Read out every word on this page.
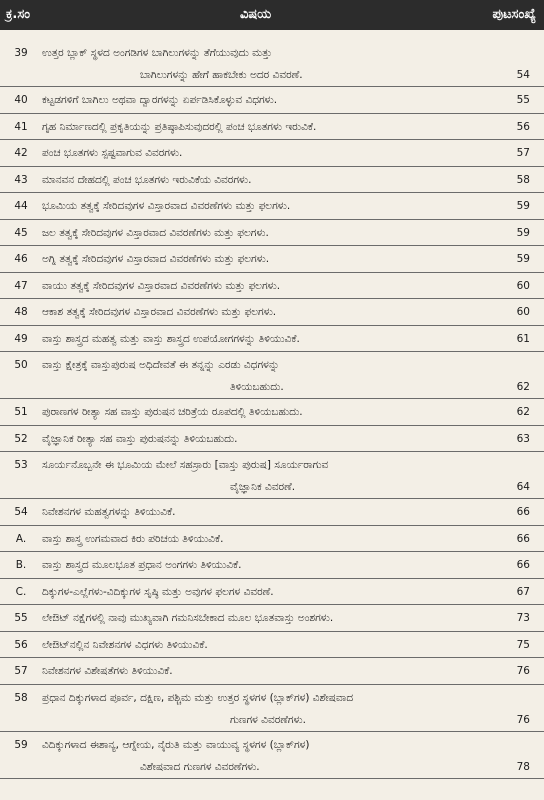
ಕ್ರ.ಸಂ	ವಿಷಯ	ಪುಟಸಂಖ್ಯೆ
39	ಉತ್ತರ ಬ್ಲಾಕ್ ಸ್ಥಳದ ಅಂಗಡಿಗಳ ಬಾಗಿಲುಗಳನ್ನು ತೆಗೆಯುವುದು ಮತ್ತು
ಬಾಗಿಲುಗಳನ್ನು ಹೇಗೆ ಹಾಕಬೇಕು ಅದರ ವಿವರಣೆ.	54
40	ಕಟ್ಟಡಗಳಿಗೆ ಬಾಗಿಲು ಅಥವಾ ದ್ವಾರಗಳನ್ನು ಏರ್ಪಡಿಸಿಕೊಳ್ಳುವ ವಿಧಗಳು.	55
41	ಗೃಹ ನಿರ್ಮಾಣದಲ್ಲಿ ಪ್ರಕೃತಿಯನ್ನು ಪ್ರತಿಷ್ಠಾಪಿಸುವುದರಲ್ಲಿ ಪಂಚ ಭೂತಗಳು ಇರುವಿಕೆ.	56
42	ಪಂಚ ಭೂತಗಳು ಸ್ಪಷ್ಟವಾಗುವ ವಿವರಗಳು.	57
43	ಮಾನವನ ದೇಹದಲ್ಲಿ ಪಂಚ ಭೂತಗಳು ಇರುವಿಕೆಯ ವಿವರಗಳು.	58
44	ಭೂಮಿಯ ತತ್ವಕ್ಕೆ ಸೇರಿದವುಗಳ ವಿಸ್ತಾರವಾದ ವಿವರಣೆಗಳು ಮತ್ತು ಫಲಗಳು.	59
45	ಜಲ ತತ್ವಕ್ಕೆ ಸೇರಿದವುಗಳ ವಿಸ್ತಾರವಾದ ವಿವರಣೆಗಳು ಮತ್ತು ಫಲಗಳು.	59
46	ಅಗ್ನಿ ತತ್ವಕ್ಕೆ ಸೇರಿದವುಗಳ ವಿಸ್ತಾರವಾದ ವಿವರಣೆಗಳು ಮತ್ತು ಫಲಗಳು.	59
47	ವಾಯು ತತ್ವಕ್ಕೆ ಸೇರಿದವುಗಳ ವಿಸ್ತಾರವಾದ ವಿವರಣೆಗಳು ಮತ್ತು ಫಲಗಳು.	60
48	ಆಕಾಶ ತತ್ವಕ್ಕೆ ಸೇರಿದವುಗಳ ವಿಸ್ತಾರವಾದ ವಿವರಣೆಗಳು ಮತ್ತು ಫಲಗಳು.	60
49	ವಾಸ್ತು ಶಾಸ್ತ್ರದ ಮಹತ್ವ ಮತ್ತು ವಾಸ್ತು ಶಾಸ್ತ್ರದ ಉಪಯೋಗಗಳನ್ನು ತಿಳಿಯುವಿಕೆ.	61
50	ವಾಸ್ತು ಕ್ಷೇತ್ರಕ್ಕೆ ವಾಸ್ತುಪುರುಷ ಅಧಿದೇವತೆ ಈ ತನ್ನನ್ನು ಎರಡು ವಿಧಗಳನ್ನು
ತಿಳಿಯಬಹುದು.	62
51	ಪುರಾಣಗಳ ರೀತ್ಯಾ ಸಹ ವಾಸ್ತು ಪುರುಷನ ಚರಿತ್ರೆಯ ರೂಪದಲ್ಲಿ ತಿಳಿಯಬಹುದು.	62
52	ವೈಜ್ಞಾನಿಕ ರೀತ್ಯಾ ಸಹ ವಾಸ್ತು ಪುರುಷನನ್ನು ತಿಳಿಯಬಹುದು.	63
53	ಸೂರ್ಯನೊಬ್ಬನೇ ಈ ಭೂಮಿಯ ಮೇಲೆ ಸಹಸ್ರಾರು [ವಾಸ್ತು ಪುರುಷ] ಸೂರ್ಯರಾಗುವ
ವೈಜ್ಞಾನಿಕ ವಿವರಣೆ.	64
54	ನಿವೇಶನಗಳ ಮಹತ್ವಗಳನ್ನು ತಿಳಿಯುವಿಕೆ.	66
A.	ವಾಸ್ತು ಶಾಸ್ತ್ರ ಉಗಮವಾದ ಕಿರು ಪರಿಚಯ ತಿಳಿಯುವಿಕೆ.	66
B.	ವಾಸ್ತು ಶಾಸ್ತ್ರದ ಮೂಲಭೂತ ಪ್ರಧಾನ ಅಂಗಗಳು ತಿಳಿಯುವಿಕೆ.	66
C.	ದಿಕ್ಕುಗಳ-ಎಲ್ಲೆಗಳು-ವಿದಿಕ್ಕುಗಳ ಸೃಷ್ಠಿ ಮತ್ತು ಅವುಗಳ ಫಲಗಳ ವಿವರಣೆ.	67
55	ಲೇಔಟ್ ನಕ್ಷೆಗಳಲ್ಲಿ ನಾವು ಮುಖ್ಯವಾಗಿ ಗಮನಿಸಬೇಕಾದ ಮೂಲ ಭೂತವಾಸ್ತು ಅಂಶಗಳು.	73
56	ಲೇಔಟ್‌ನಲ್ಲಿನ ನಿವೇಶನಗಳ ವಿಧಗಳು ತಿಳಿಯುವಿಕೆ.	75
57	ನಿವೇಶನಗಳ ವಿಶೇಷತೆಗಳು ತಿಳಿಯುವಿಕೆ.	76
58	ಪ್ರಧಾನ ದಿಕ್ಕುಗಳಾದ ಪೂರ್ವ, ದಕ್ಷಿಣ, ಪಶ್ಚಿಮ ಮತ್ತು ಉತ್ತರ ಸ್ಥಳಗಳ (ಬ್ಲಾಕ್‌ಗಳ) ವಿಶೇಷವಾದ
ಗುಣಗಳ ವಿವರಣೆಗಳು.	76
59	ವಿದಿಕ್ಕುಗಳಾದ ಈಶಾನ್ಯ, ಆಗ್ನೇಯ, ನೈರುತಿ ಮತ್ತು ವಾಯುವ್ಯ ಸ್ಥಳಗಳ (ಬ್ಲಾಕ್‌ಗಳ)
ವಿಶೇಷವಾದ ಗುಣಗಳ ವಿವರಣೆಗಳು.	78
